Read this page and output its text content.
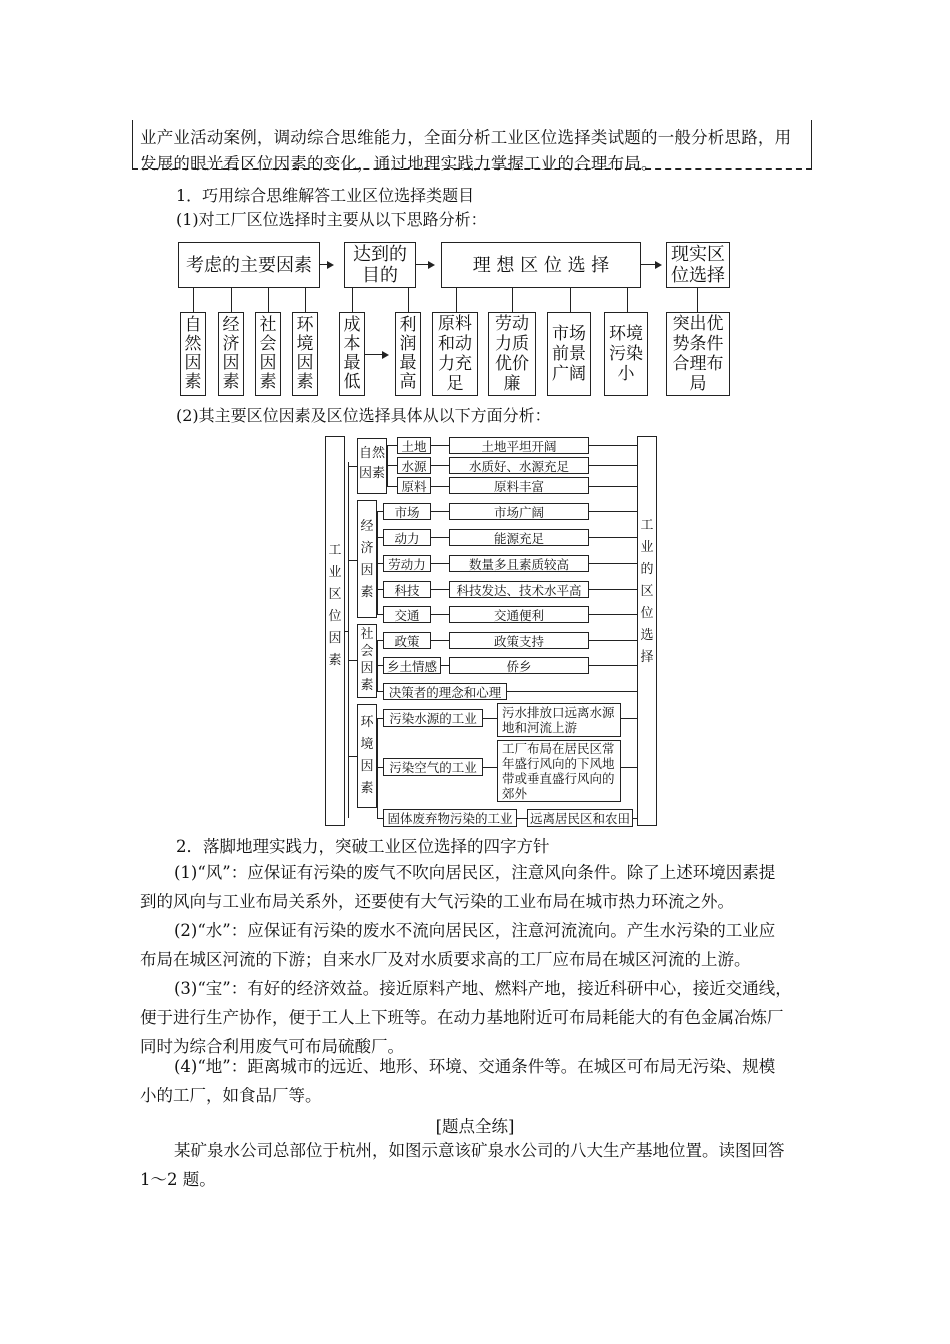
业产业活动案例，调动综合思维能力，全面分析工业区位选择类试题的一般分析思路，用
发展的眼光看区位因素的变化，通过地理实践力掌握工业的合理布局。
1．巧用综合思维解答工业区位选择类题目
(1)对工厂区位选择时主要从以下思路分析：
考虑的主要因素	达到的目的	理 想 区 位 选 择	现实区位选择
自然因素
经济因素
社会因素
环境因素
成本最低
利润最高
原料和动力充足
劳动力质优价廉
市场前景广阔
环境污染小
突出优势条件合理布局
(2)其主要区位因素及区位选择具体从以下方面分析：
工业区位因素
工业的区位选择
自然因素
土地	土地平坦开阔
水源	水质好、水源充足
原料	原料丰富
经济因素
市场	市场广阔
动力	能源充足
劳动力	数量多且素质较高
科技	科技发达、技术水平高
交通	交通便利
社会因素
政策	政策支持
乡土情感	侨乡
决策者的理念和心理
环境因素
污染水源的工业	污水排放口远离水源地和河流上游
污染空气的工业
工厂布局在居民区常年盛行风向的下风地带或垂直盛行风向的郊外
固体废弃物污染的工业	远离居民区和农田
2．落脚地理实践力，突破工业区位选择的四字方针
(1)“风”：应保证有污染的废气不吹向居民区，注意风向条件。除了上述环境因素提
到的风向与工业布局关系外，还要使有大气污染的工业布局在城市热力环流之外。
(2)“水”：应保证有污染的废水不流向居民区，注意河流流向。产生水污染的工业应
布局在城区河流的下游；自来水厂及对水质要求高的工厂应布局在城区河流的上游。
(3)“宝”：有好的经济效益。接近原料产地、燃料产地，接近科研中心，接近交通线，
便于进行生产协作，便于工人上下班等。在动力基地附近可布局耗能大的有色金属冶炼厂
同时为综合利用废气可布局硫酸厂。
(4)“地”：距离城市的远近、地形、环境、交通条件等。在城区可布局无污染、规模
小的工厂，如食品厂等。
[题点全练]
某矿泉水公司总部位于杭州，如图示意该矿泉水公司的八大生产基地位置。读图回答
1～2 题。
